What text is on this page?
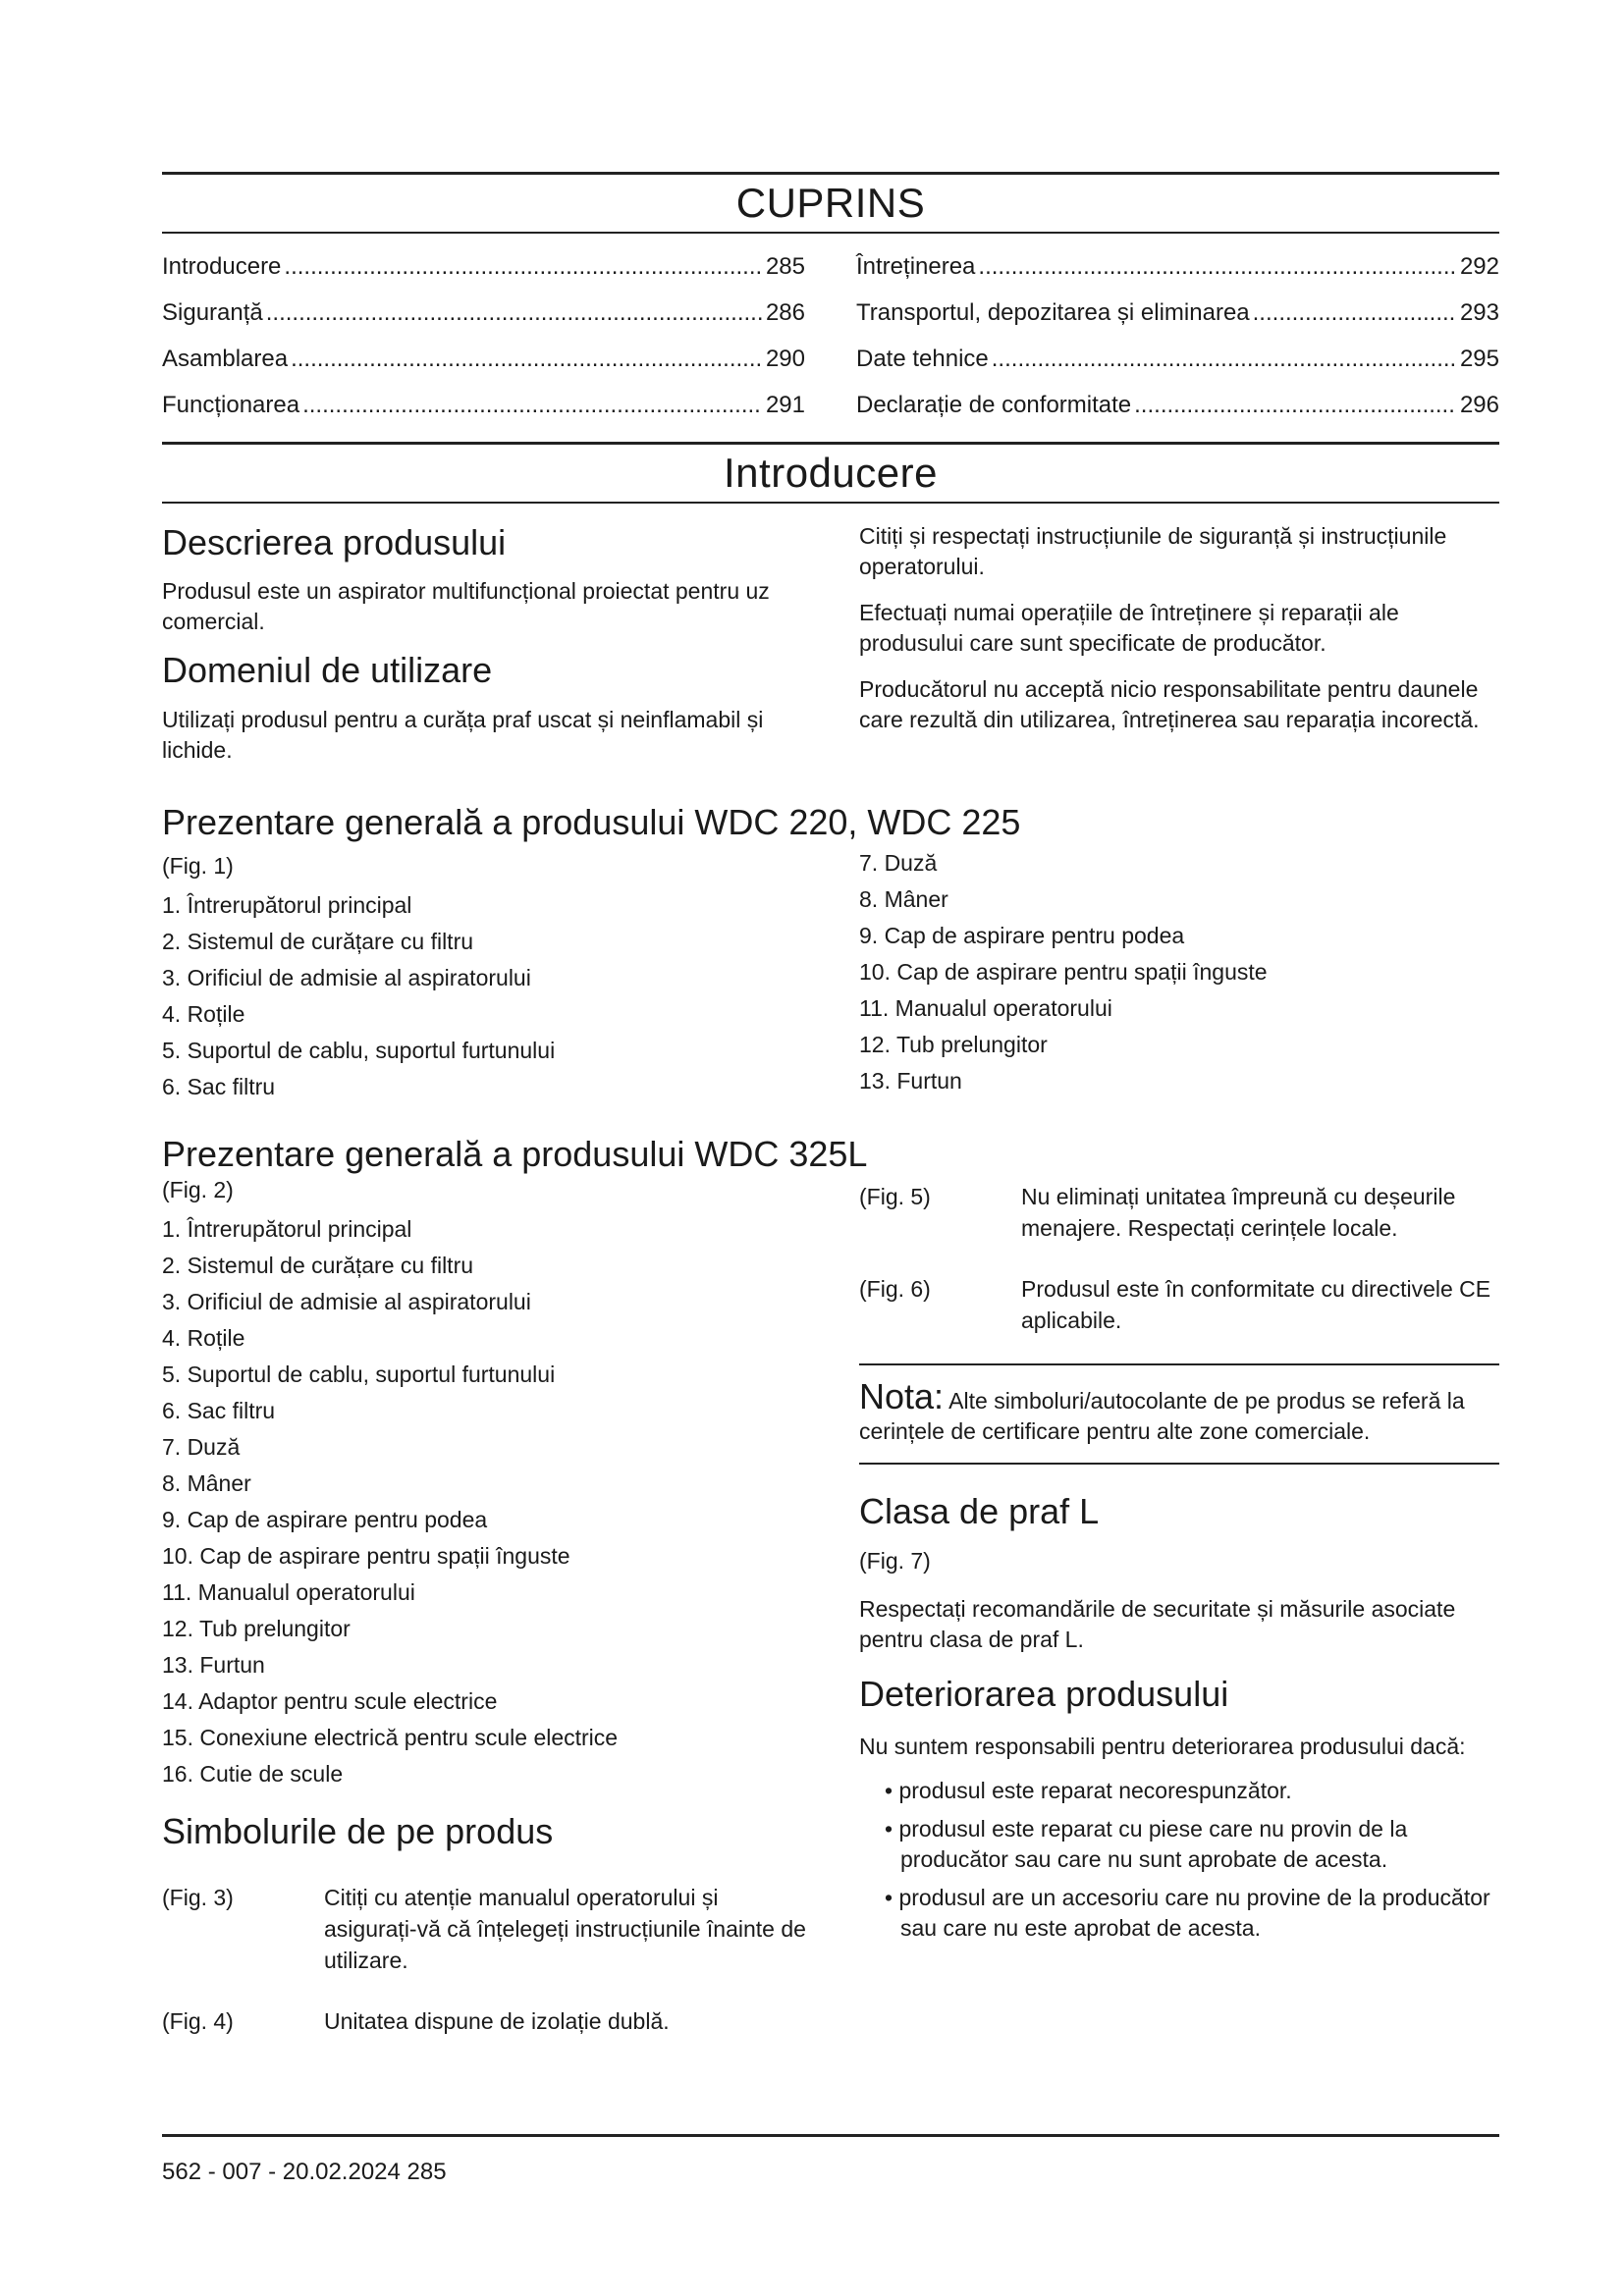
CUPRINS
Introducere .....	285
Siguranță .....	286
Asamblarea .....	290
Funcționarea .....	291
Întreținerea .....	292
Transportul, depozitarea și eliminarea .....	293
Date tehnice .....	295
Declarație de conformitate .....	296
Introducere
Descrierea produsului

Produsul este un aspirator multifuncțional proiectat pentru uz comercial.

Domeniul de utilizare

Utilizați produsul pentru a curăța praf uscat și neinflamabil și lichide.

Citiți și respectați instrucțiunile de siguranță și instrucțiunile operatorului.

Efectuați numai operațiile de întreținere și reparații ale produsului care sunt specificate de producător.

Producătorul nu acceptă nicio responsabilitate pentru daunele care rezultă din utilizarea, întreținerea sau reparația incorectă.

Prezentare generală a produsului WDC 220, WDC 225
(Fig. 1)
1. Întrerupătorul principal
2. Sistemul de curățare cu filtru
3. Orificiul de admisie al aspiratorului
4. Roțile
5. Suportul de cablu, suportul furtunului
6. Sac filtru
7. Duză
8. Mâner
9. Cap de aspirare pentru podea
10. Cap de aspirare pentru spații înguste
11. Manualul operatorului
12. Tub prelungitor
13. Furtun
Prezentare generală a produsului WDC 325L
(Fig. 2)
1. Întrerupătorul principal
2. Sistemul de curățare cu filtru
3. Orificiul de admisie al aspiratorului
4. Roțile
5. Suportul de cablu, suportul furtunului
6. Sac filtru
7. Duză
8. Mâner
9. Cap de aspirare pentru podea
10. Cap de aspirare pentru spații înguste
11. Manualul operatorului
12. Tub prelungitor
13. Furtun
14. Adaptor pentru scule electrice
15. Conexiune electrică pentru scule electrice
16. Cutie de scule
Simbolurile de pe produs
(Fig. 3)	Citiți cu atenție manualul operatorului și asigurați-vă că înțelegeți instrucțiunile înainte de utilizare.
(Fig. 4)	Unitatea dispune de izolație dublă.
(Fig. 5)	Nu eliminați unitatea împreună cu deșeurile menajere. Respectați cerințele locale.
(Fig. 6)	Produsul este în conformitate cu directivele CE aplicabile.

Nota: Alte simboluri/autocolante de pe produs se referă la cerințele de certificare pentru alte zone comerciale.

Clasa de praf L
(Fig. 7)

Respectați recomandările de securitate și măsurile asociate pentru clasa de praf L.

Deteriorarea produsului

Nu suntem responsabili pentru deteriorarea produsului dacă:

• produsul este reparat necorespunzător.
• produsul este reparat cu piese care nu provin de la producător sau care nu sunt aprobate de acesta.
• produsul are un accesoriu care nu provine de la producător sau care nu este aprobat de acesta.
562 - 007 - 20.02.2024 285
